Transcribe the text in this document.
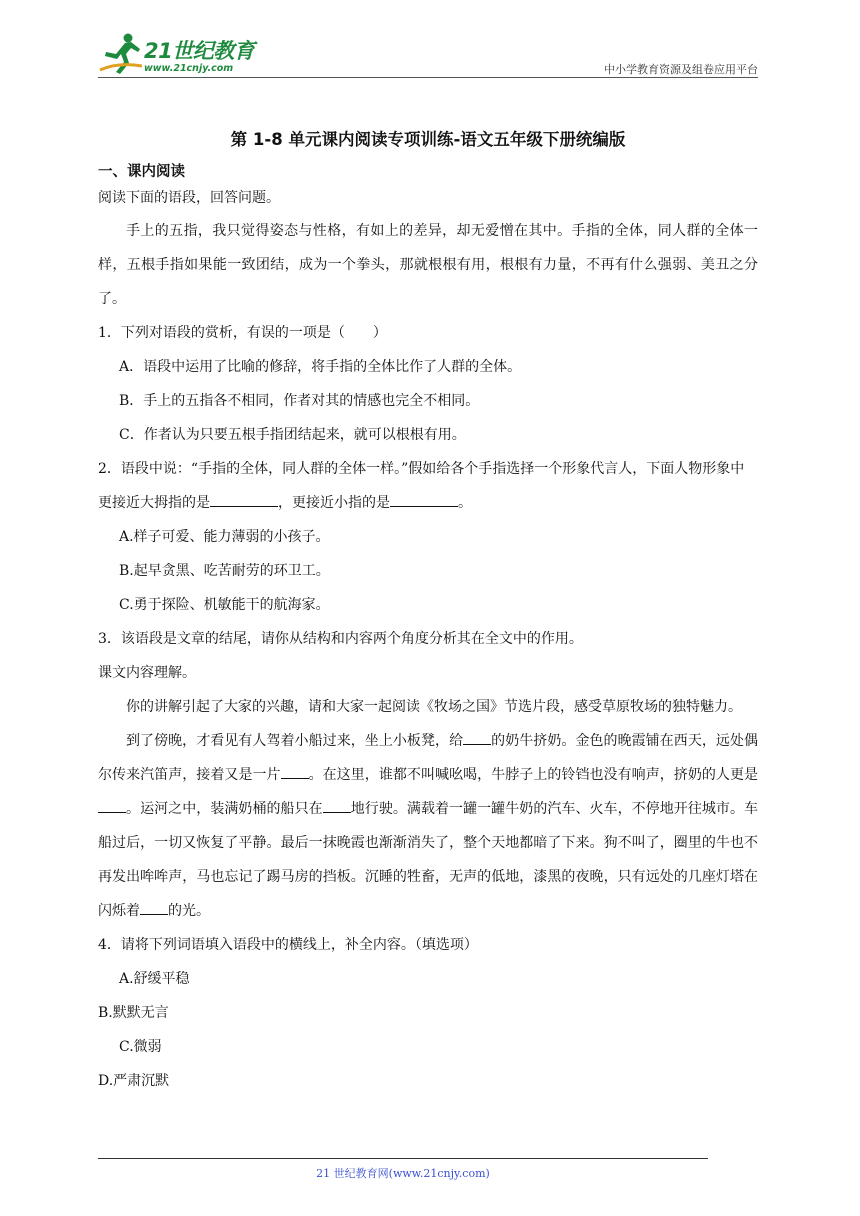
21世纪教育
www.21cnjy.com	中小学教育资源及组卷应用平台
第 1-8 单元课内阅读专项训练-语文五年级下册统编版
一、课内阅读
阅读下面的语段，回答问题。

手上的五指，我只觉得姿态与性格，有如上的差异，却无爱憎在其中。手指的全体，同人群的全体一样，五根手指如果能一致团结，成为一个拳头，那就根根有用，根根有力量，不再有什么强弱、美丑之分了。

1．下列对语段的赏析，有误的一项是（　　）
A．语段中运用了比喻的修辞，将手指的全体比作了人群的全体。
B．手上的五指各不相同，作者对其的情感也完全不相同。
C．作者认为只要五根手指团结起来，就可以根根有用。

2．语段中说：“手指的全体，同人群的全体一样。”假如给各个手指选择一个形象代言人，下面人物形象中更接近大拇指的是	，更接近小指的是	。

A.样子可爱、能力薄弱的小孩子。
B.起早贪黑、吃苦耐劳的环卫工。
C.勇于探险、机敏能干的航海家。
3．该语段是文章的结尾，请你从结构和内容两个角度分析其在全文中的作用。
课文内容理解。

你的讲解引起了大家的兴趣，请和大家一起阅读《牧场之国》节选片段，感受草原牧场的独特魅力。

到了傍晚，才看见有人驾着小船过来，坐上小板凳，给 的奶牛挤奶。金色的晚霞铺在西天，远处偶尔传来汽笛声，接着又是一片 。在这里，谁都不叫喊吆喝，牛脖子上的铃铛也没有响声，挤奶的人更是。运河之中，装满奶桶的船只在 地行驶。满载着一罐一罐牛奶的汽车、火车，不停地开往城市。车船过后，一切又恢复了平静。最后一抹晚霞也渐渐消失了，整个天地都暗了下来。狗不叫了，圈里的牛也不再发出哞哞声，马也忘记了踢马房的挡板。沉睡的牲畜，无声的低地，漆黑的夜晚，只有远处的几座灯塔在闪烁着 的光。

4．请将下列词语填入语段中的横线上，补全内容。（填选项）
A.舒缓平稳
B.默默无言
C.微弱
D.严肃沉默
21 世纪教育网(www.21cnjy.com)
